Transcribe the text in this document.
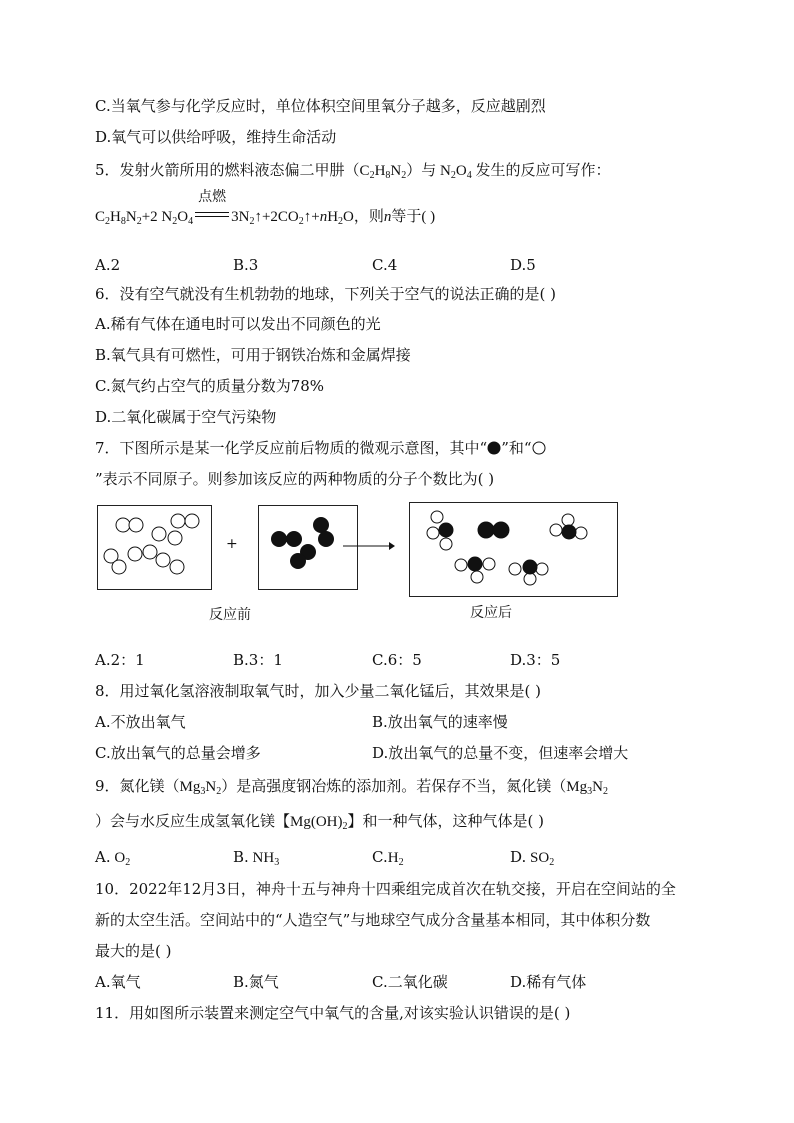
C.当氧气参与化学反应时，单位体积空间里氧分子越多，反应越剧烈
D.氧气可以供给呼吸，维持生命活动
5．发射火箭所用的燃料液态偏二甲肼$(C_2H_8N_2)$与 $N_2O_4$ 发生的反应可写作：
$C_2H_8N_2+2$ $N_2O_4$
点燃
$3N_2↑+2CO_2↑+nH_2O$，则n等于( )
A.2	B.3	C.4	D.5
6．没有空气就没有生机勃勃的地球，下列关于空气的说法正确的是( )
A.稀有气体在通电时可以发出不同颜色的光
B.氧气具有可燃性，可用于钢铁冶炼和金属焊接
C.氮气约占空气的质量分数为78%
D.二氧化碳属于空气污染物
7．下图所示是某一化学反应前后物质的微观示意图，其中“ ”和“
”表示不同原子。则参加该反应的两种物质的分子个数比为( )
+
反应前	反应后
A.2：1	B.3：1	C.6：5	D.3：5
8．用过氧化氢溶液制取氧气时，加入少量二氧化锰后，其效果是( )
A.不放出氧气	B.放出氧气的速率慢
C.放出氧气的总量会增多	D.放出氧气的总量不变，但速率会增大
9．氮化镁$(Mg_3N_2)$是高强度钢冶炼的添加剂。若保存不当，氮化镁（$Mg_3N_2$
）会与水反应生成氢氧化镁【$Mg(OH)_2$】和一种气体，这种气体是( )
A. $O_2$	B. $NH_3$	$C.H_2$	D. $SO_2$
10．2022年12月3日，神舟十五与神舟十四乘组完成首次在轨交接，开启在空间站的全
新的太空生活。空间站中的“人造空气”与地球空气成分含量基本相同，其中体积分数
最大的是( )
A.氧气	B.氮气	C.二氧化碳	D.稀有气体
11．用如图所示装置来测定空气中氧气的含量,对该实验认识错误的是( )
